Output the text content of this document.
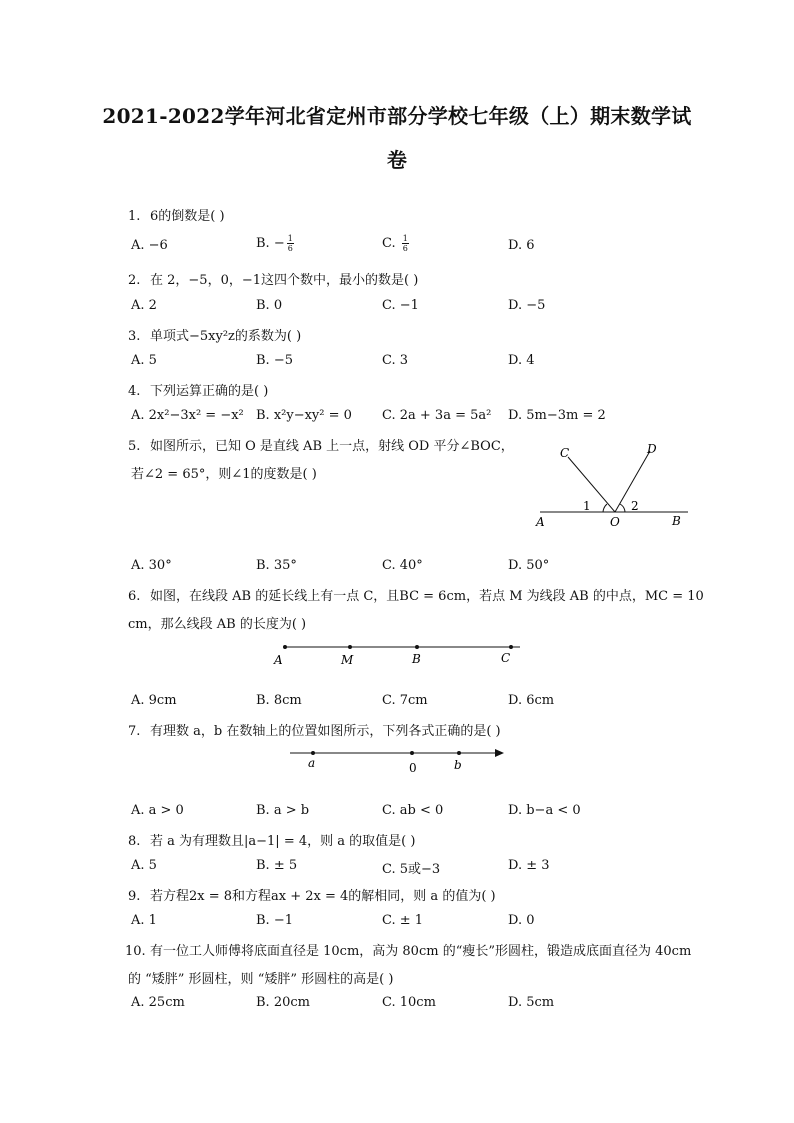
2021-2022学年河北省定州市部分学校七年级（上）期末数学试
卷
1. 6的倒数是( )
A. −6	B. − $\frac{1}{6}$	C. $\frac{1}{6}$	D. 6
2. 在 2，−5，0，−1这四个数中，最小的数是( )
A. 2	B. 0	C. −1	D. −5
3. 单项式−5xy²z的系数为( )
A. 5	B. −5	C. 3	D. 4
4. 下列运算正确的是( )
A. 2x²−3x² = −x² B. x²y−xy² = 0 C. 2a + 3a = 5a² D. 5m−3m = 2
5. 如图所示，已知 O 是直线 AB 上一点，射线 OD 平分∠BOC，
若∠2 = 65°，则∠1的度数是( )
C	D
A	O	B
1	2
A. 30°	B. 35°	C. 40°	D. 50°
6. 如图，在线段 AB 的延长线上有一点 C，且BC = 6cm，若点 M 为线段 AB 的中点，MC = 10
cm，那么线段 AB 的长度为( )
A	M	B	C
A. 9cm	B. 8cm	C. 7cm	D. 6cm
7. 有理数 a，b 在数轴上的位置如图所示，下列各式正确的是( )
a	0	b
A. a > 0	B. a > b	C. ab < 0	D. b−a < 0
8. 若 a 为有理数且|a−1| = 4，则 a 的取值是( )
A. 5	B. ± 5	C. 5或−3	D. ± 3
9. 若方程2x = 8和方程ax + 2x = 4的解相同，则 a 的值为( )
A. 1	B. −1	C. ± 1	D. 0
10. 有一位工人师傅将底面直径是 10cm，高为 80cm 的“瘦长”形圆柱，锻造成底面直径为 40cm
的 “矮胖” 形圆柱，则 “矮胖” 形圆柱的高是( )
A. 25cm	B. 20cm	C. 10cm	D. 5cm
